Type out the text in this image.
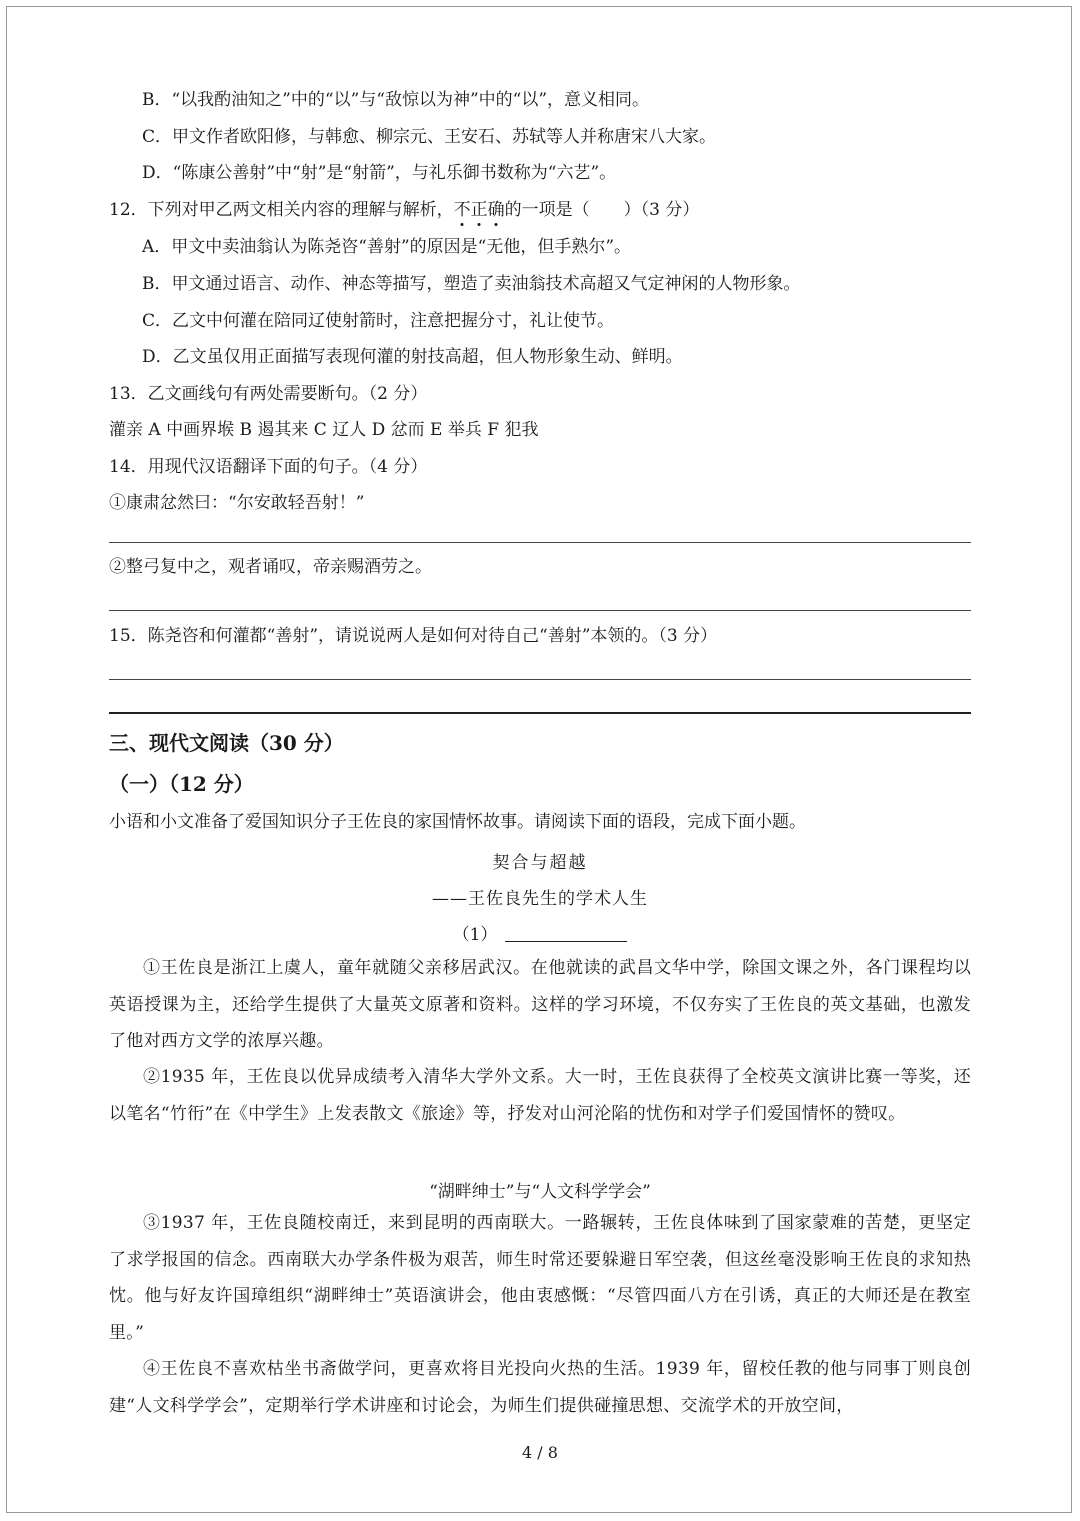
B．“以我酌油知之”中的“以”与“敌惊以为神”中的“以”，意义相同。
C．甲文作者欧阳修，与韩愈、柳宗元、王安石、苏轼等人并称唐宋八大家。
D．“陈康公善射”中“射”是“射箭”，与礼乐御书数称为“六艺”。
12．下列对甲乙两文相关内容的理解与解析，不正确的一项是（　　）（3 分）
A．甲文中卖油翁认为陈尧咨“善射”的原因是“无他，但手熟尔”。
B．甲文通过语言、动作、神态等描写，塑造了卖油翁技术高超又气定神闲的人物形象。
C．乙文中何灌在陪同辽使射箭时，注意把握分寸，礼让使节。
D．乙文虽仅用正面描写表现何灌的射技高超，但人物形象生动、鲜明。
13．乙文画线句有两处需要断句。（2 分）
灌亲 A 中画界堠 B 遏其来 C 辽人 D 忿而 E 举兵 F 犯我
14．用现代汉语翻译下面的句子。（4 分）
①康肃忿然曰：“尔安敢轻吾射！”
②整弓复中之，观者诵叹，帝亲赐酒劳之。
15．陈尧咨和何灌都“善射”，请说说两人是如何对待自己“善射”本领的。（3 分）
三、现代文阅读（30 分）
（一）（12 分）
小语和小文准备了爱国知识分子王佐良的家国情怀故事。请阅读下面的语段，完成下面小题。
契合与超越
——王佐良先生的学术人生
（1）
①王佐良是浙江上虞人，童年就随父亲移居武汉。在他就读的武昌文华中学，除国文课之外，各门课程均以英语授课为主，还给学生提供了大量英文原著和资料。这样的学习环境，不仅夯实了王佐良的英文基础，也激发了他对西方文学的浓厚兴趣。
②1935 年，王佐良以优异成绩考入清华大学外文系。大一时，王佐良获得了全校英文演讲比赛一等奖，还以笔名“竹衎”在《中学生》上发表散文《旅途》等，抒发对山河沦陷的忧伤和对学子们爱国情怀的赞叹。
“湖畔绅士”与“人文科学学会”
③1937 年，王佐良随校南迁，来到昆明的西南联大。一路辗转，王佐良体味到了国家蒙难的苦楚，更坚定了求学报国的信念。西南联大办学条件极为艰苦，师生时常还要躲避日军空袭，但这丝毫没影响王佐良的求知热忱。他与好友许国璋组织“湖畔绅士”英语演讲会，他由衷感慨：“尽管四面八方在引诱，真正的大师还是在教室里。”
④王佐良不喜欢枯坐书斋做学问，更喜欢将目光投向火热的生活。1939 年，留校任教的他与同事丁则良创建“人文科学学会”，定期举行学术讲座和讨论会，为师生们提供碰撞思想、交流学术的开放空间，
4 / 8
